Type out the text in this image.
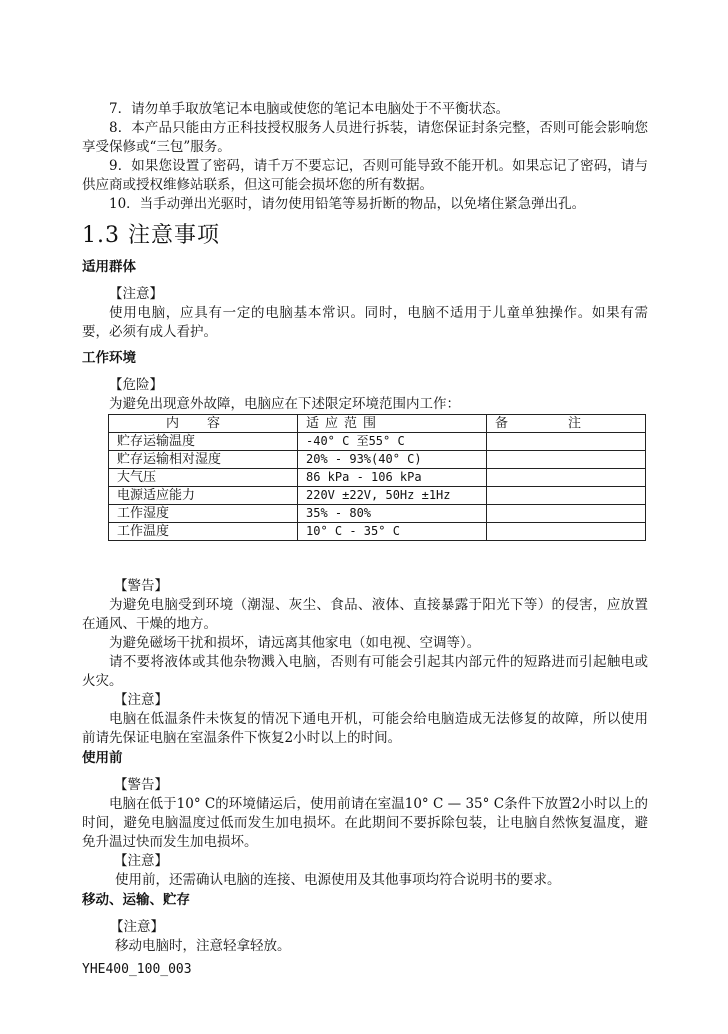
7．请勿单手取放笔记本电脑或使您的笔记本电脑处于不平衡状态。

8．本产品只能由方正科技授权服务人员进行拆装，请您保证封条完整，否则可能会影响您享受保修或“三包”服务。

9．如果您设置了密码，请千万不要忘记，否则可能导致不能开机。如果忘记了密码，请与供应商或授权维修站联系，但这可能会损坏您的所有数据。

10．当手动弹出光驱时，请勿使用铅笔等易折断的物品，以免堵住紧急弹出孔。

1.3 注意事项
适用群体
【注意】

使用电脑，应具有一定的电脑基本常识。同时，电脑不适用于儿童单独操作。如果有需要，必须有成人看护。

工作环境
【危险】

为避免出现意外故障，电脑应在下述限定环境范围内工作：

内容	适应范围	备注
贮存运输温度	-40° C 至55° C	
贮存运输相对湿度	20% - 93%(40° C)	
大气压	86 kPa - 106 kPa	
电源适应能力	220V ±22V, 50Hz ±1Hz	
工作湿度	35% - 80%	
工作温度	10° C - 35° C	
【警告】

为避免电脑受到环境（潮湿、灰尘、食品、液体、直接暴露于阳光下等）的侵害，应放置在通风、干燥的地方。

为避免磁场干扰和损坏，请远离其他家电（如电视、空调等）。

请不要将液体或其他杂物溅入电脑，否则有可能会引起其内部元件的短路进而引起触电或火灾。

【注意】

电脑在低温条件未恢复的情况下通电开机，可能会给电脑造成无法修复的故障，所以使用前请先保证电脑在室温条件下恢复2小时以上的时间。

使用前
【警告】

电脑在低于10° C的环境储运后，使用前请在室温10° C — 35° C条件下放置2小时以上的时间，避免电脑温度过低而发生加电损坏。在此期间不要拆除包装，让电脑自然恢复温度，避免升温过快而发生加电损坏。

【注意】

使用前，还需确认电脑的连接、电源使用及其他事项均符合说明书的要求。

移动、运输、贮存
【注意】

移动电脑时，注意轻拿轻放。

YHE400_100_003
